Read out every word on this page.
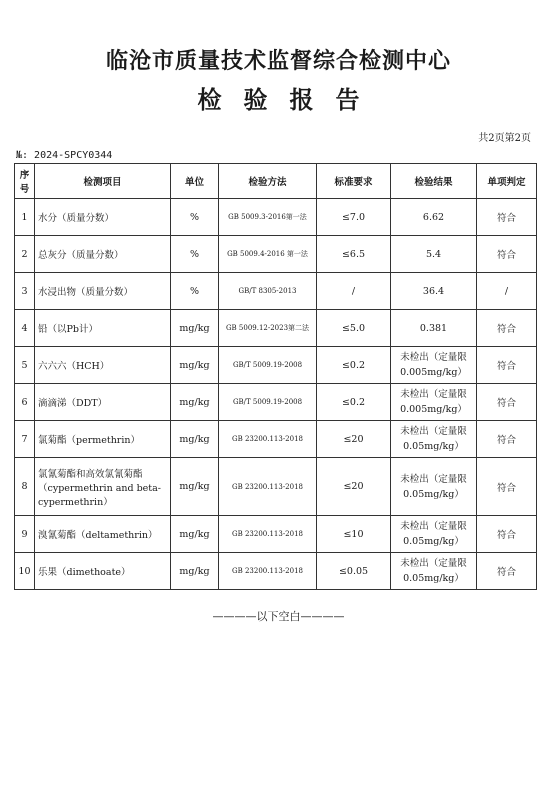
临沧市质量技术监督综合检测中心
检验报告
共2页第2页
№: 2024-SPCY0344
序号	检测项目	单位	检验方法	标准要求	检验结果	单项判定
1	水分（质量分数）	%	GB 5009.3-2016第一法	≤7.0	6.62	符合
2	总灰分（质量分数）	%	GB 5009.4-2016 第一法	≤6.5	5.4	符合
3	水浸出物（质量分数）	%	GB/T 8305-2013	/	36.4	/
4	铅（以Pb计）	mg/kg	GB 5009.12-2023第二法	≤5.0	0.381	符合
5	六六六（HCH）	mg/kg	GB/T 5009.19-2008	≤0.2	未检出（定量限0.005mg/kg）	符合
6	滴滴涕（DDT）	mg/kg	GB/T 5009.19-2008	≤0.2	未检出（定量限0.005mg/kg）	符合
7	氯菊酯（permethrin）	mg/kg	GB 23200.113-2018	≤20	未检出（定量限0.05mg/kg）	符合
8	氯氰菊酯和高效氯氰菊酯（cypermethrin and beta-cypermethrin）	mg/kg	GB 23200.113-2018	≤20	未检出（定量限0.05mg/kg）	符合
9	溴氰菊酯（deltamethrin）	mg/kg	GB 23200.113-2018	≤10	未检出（定量限0.05mg/kg）	符合
10	乐果（dimethoate）	mg/kg	GB 23200.113-2018	≤0.05	未检出（定量限0.05mg/kg）	符合
————以下空白————
